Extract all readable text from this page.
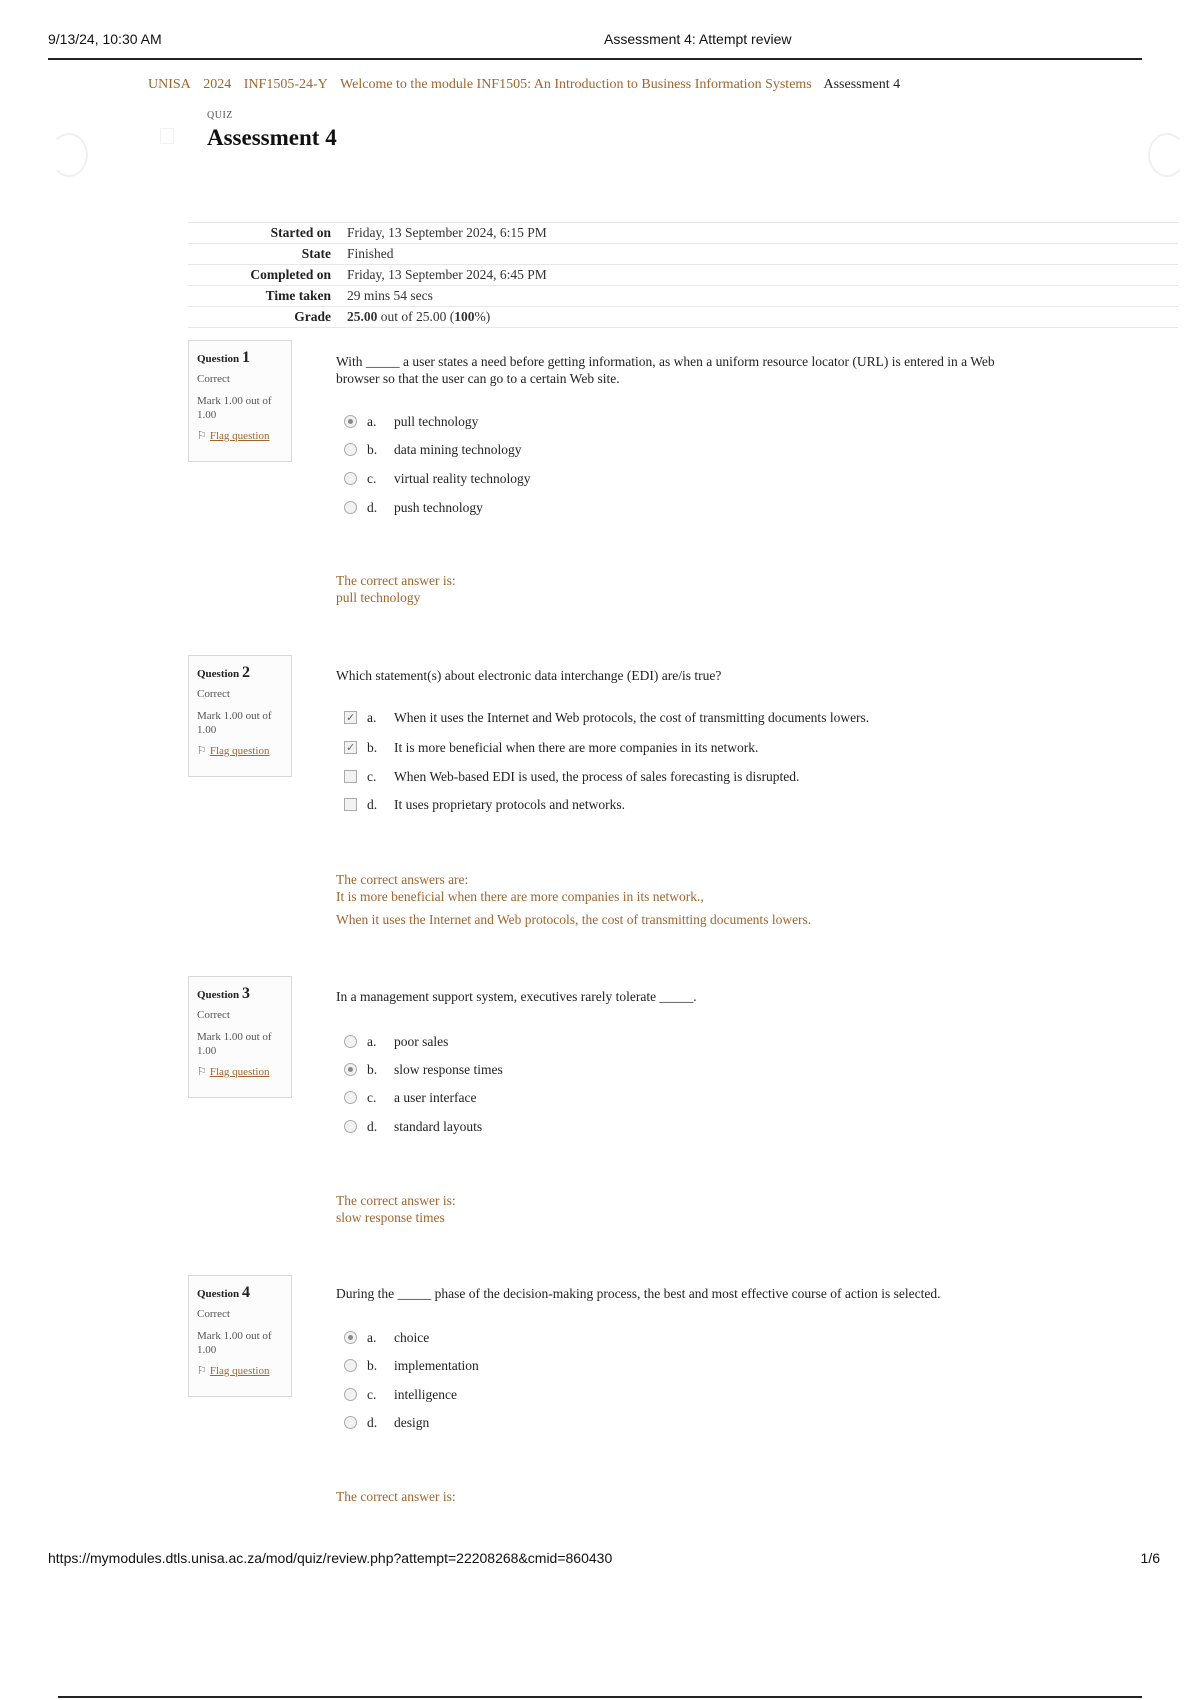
9/13/24, 10:30 AM	Assessment 4: Attempt review
UNISA 2024 INF1505-24-Y Welcome to the module INF1505: An Introduction to Business Information Systems Assessment 4
QUIZ
Assessment 4
Started on	Friday, 13 September 2024, 6:15 PM
State	Finished
Completed on	Friday, 13 September 2024, 6:45 PM
Time taken	29 mins 54 secs
Grade	25.00 out of 25.00 (100%)
Question 1
Correct
Mark 1.00 out of 1.00
⚐ Flag question
With _____ a user states a need before getting information, as when a uniform resource locator (URL) is entered in a Web browser so that the user can go to a certain Web site.
a. pull technology
b. data mining technology
c. virtual reality technology
d. push technology
The correct answer is:
pull technology
Question 2
Correct
Mark 1.00 out of 1.00
⚐ Flag question
Which statement(s) about electronic data interchange (EDI) are/is true?
✓a. When it uses the Internet and Web protocols, the cost of transmitting documents lowers.
✓b. It is more beneficial when there are more companies in its network.
c. When Web-based EDI is used, the process of sales forecasting is disrupted.
d. It uses proprietary protocols and networks.
The correct answers are:
It is more beneficial when there are more companies in its network.,
When it uses the Internet and Web protocols, the cost of transmitting documents lowers.
Question 3
Correct
Mark 1.00 out of 1.00
⚐ Flag question
In a management support system, executives rarely tolerate _____.
a. poor sales
b. slow response times
c. a user interface
d. standard layouts
The correct answer is:
slow response times
Question 4
Correct
Mark 1.00 out of 1.00
⚐ Flag question
During the _____ phase of the decision-making process, the best and most effective course of action is selected.
a. choice
b. implementation
c. intelligence
d. design
The correct answer is:
https://mymodules.dtls.unisa.ac.za/mod/quiz/review.php?attempt=22208268&cmid=860430	1/6
